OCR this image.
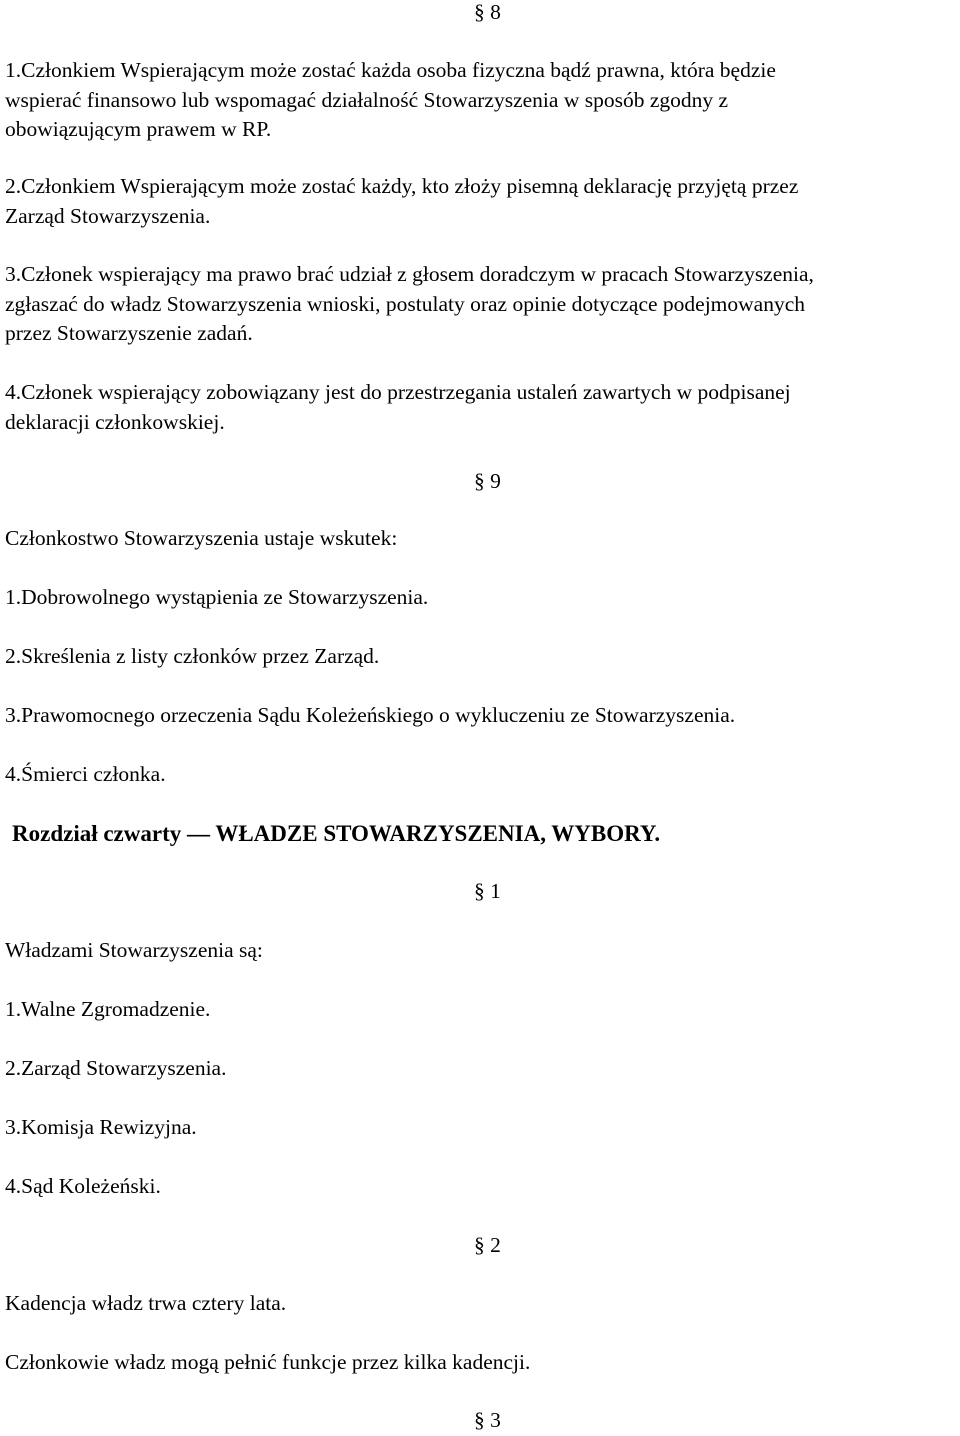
§ 8
1.Członkiem Wspierającym może zostać każda osoba fizyczna bądź prawna, która będzie
wspierać finansowo lub wspomagać działalność Stowarzyszenia w sposób zgodny z
obowiązującym prawem w RP.
2.Członkiem Wspierającym może zostać każdy, kto złoży pisemną deklarację przyjętą przez
Zarząd Stowarzyszenia.
3.Członek wspierający ma prawo brać udział z głosem doradczym w pracach Stowarzyszenia,
zgłaszać do władz Stowarzyszenia wnioski, postulaty oraz opinie dotyczące podejmowanych
przez Stowarzyszenie zadań.
4.Członek wspierający zobowiązany jest do przestrzegania ustaleń zawartych w podpisanej
deklaracji członkowskiej.
§ 9
Członkostwo Stowarzyszenia ustaje wskutek:
1.Dobrowolnego wystąpienia ze Stowarzyszenia.
2.Skreślenia z listy członków przez Zarząd.
3.Prawomocnego orzeczenia Sądu Koleżeńskiego o wykluczeniu ze Stowarzyszenia.
4.Śmierci członka.
Rozdział czwarty — WŁADZE STOWARZYSZENIA, WYBORY.
§ 1
Władzami Stowarzyszenia są:
1.Walne Zgromadzenie.
2.Zarząd Stowarzyszenia.
3.Komisja Rewizyjna.
4.Sąd Koleżeński.
§ 2
Kadencja władz trwa cztery lata.
Członkowie władz mogą pełnić funkcje przez kilka kadencji.
§ 3
